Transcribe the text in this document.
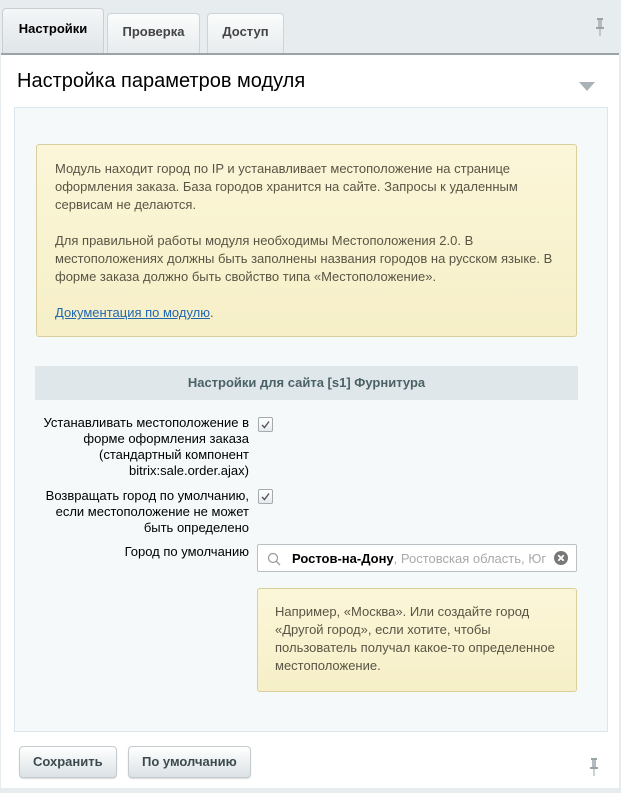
Настройки	Проверка	Доступ
Настройка параметров модуля

Модуль находит город по IP и устанавливает местоположение на странице оформления заказа. База городов хранится на сайте. Запросы к удаленным сервисам не делаются.

Для правильной работы модуля необходимы Местоположения 2.0. В местоположениях должны быть заполнены названия городов на русском языке. В форме заказа должно быть свойство типа «Местоположение».

Документация по модулю.

Настройки для сайта [s1] Фурнитура
Устанавливать местоположение в форме оформления заказа (стандартный компонент bitrix:sale.order.ajax)
Возвращать город по умолчанию, если местоположение не может быть определено
Город по умолчанию	Ростов-на-Дону, Ростовская область, Юг
Например, «Москва». Или создайте город «Другой город», если хотите, чтобы пользователь получал какое-то определенное местоположение.
Сохранить	По умолчанию
